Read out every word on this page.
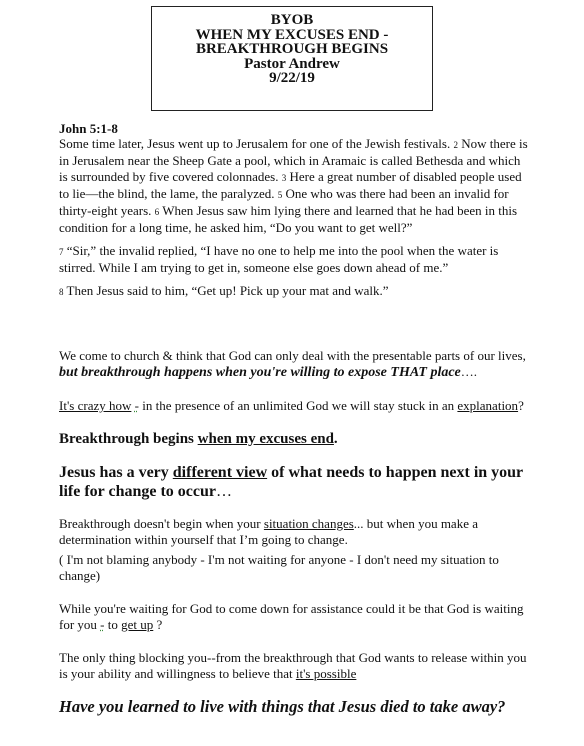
BYOB
WHEN MY EXCUSES END -
BREAKTHROUGH BEGINS
Pastor Andrew
9/22/19

John 5:1-8

Some time later, Jesus went up to Jerusalem for one of the Jewish festivals. 2 Now there is in Jerusalem near the Sheep Gate a pool, which in Aramaic is called Bethesda and which is surrounded by five covered colonnades. 3 Here a great number of disabled people used to lie—the blind, the lame, the paralyzed. 5 One who was there had been an invalid for thirty-eight years. 6 When Jesus saw him lying there and learned that he had been in this condition for a long time, he asked him, “Do you want to get well?”

7 “Sir,” the invalid replied, “I have no one to help me into the pool when the water is stirred. While I am trying to get in, someone else goes down ahead of me.”

8 Then Jesus said to him, “Get up! Pick up your mat and walk.”

We come to church & think that God can only deal with the presentable parts of our lives,
but breakthrough happens when you're willing to expose THAT place….

It's crazy how - in the presence of an unlimited God we will stay stuck in an explanation?

Breakthrough begins when my excuses end.

Jesus has a very different view of what needs to happen next in your life for change to occur…

Breakthrough doesn't begin when your situation changes... but when you make a determination within yourself that I’m going to change.

( I'm not blaming anybody - I'm not waiting for anyone - I don't need my situation to change)

While you're waiting for God to come down for assistance could it be that God is waiting for you - to get up ?

The only thing blocking you--from the breakthrough that God wants to release within you is your ability and willingness to believe that it's possible

Have you learned to live with things that Jesus died to take away?
